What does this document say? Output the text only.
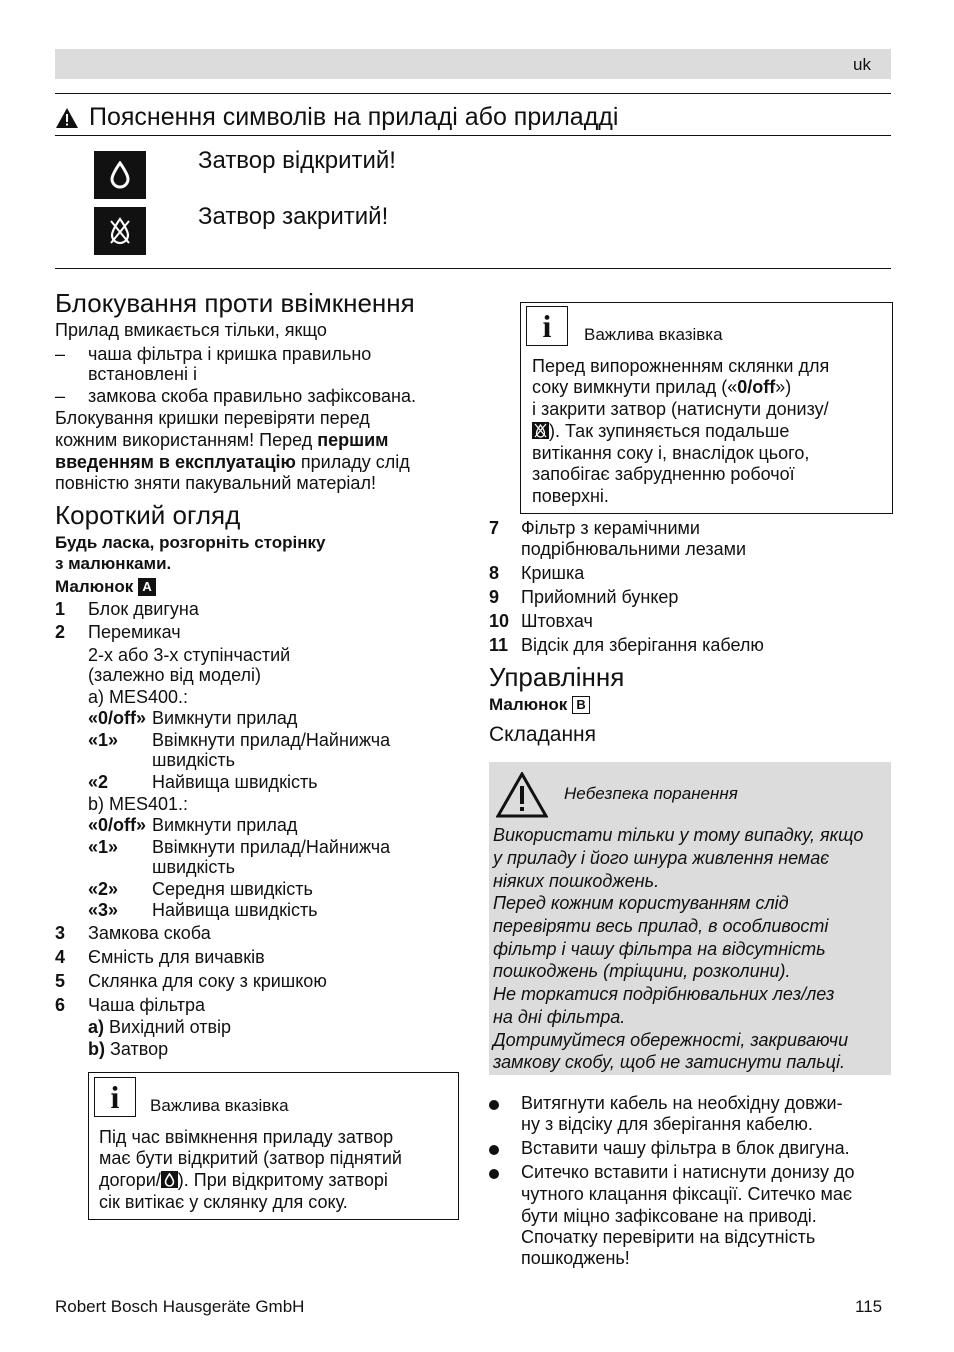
uk
Пояснення символів на приладі або приладді
Затвор відкритий!
Затвор закритий!
Блокування проти ввімкнення
Прилад вмикається тільки, якщо
– чаша фільтра і кришка правильно
встановлені і
– замкова скоба правильно зафіксована.
Блокування кришки перевіряти перед
кожним використанням! Перед першим
введенням в експлуатацію приладу слід
повністю зняти пакувальний матеріал!
Короткий огляд
Будь ласка, розгорніть сторінку
з малюнками.
Малюнок A
1	Блок двигуна
2	Перемикач
2-х або 3-х ступінчастий
(залежно від моделі)
a) MES400.:
«0/off» Вимкнути прилад
«1» Ввімкнути прилад/Найнижча
швидкість
«2 Найвища швидкість
b) MES401.:
«0/off» Вимкнути прилад
«1» Ввімкнути прилад/Найнижча
швидкість
«2» Середня швидкість
«3» Найвища швидкість
3	Замкова скоба
4	Ємність для вичавків
5	Склянка для соку з кришкою
6	Чаша фільтра
a) Вихідний отвір
b) Затвор
i	Важлива вказівка
Під час ввімкнення приладу затвор
має бути відкритий (затвор піднятий
догори/ ). При відкритому затворі
сік витікає у склянку для соку.
i	Важлива вказівка
Перед випорожненням склянки для
соку вимкнути прилад («0/off»)
і закрити затвор (натиснути донизу/
). Так зупиняється подальше
витікання соку і, внаслідок цього,
запобігає забрудненню робочої
поверхні.
7	Фільтр з керамічними
подрібнювальними лезами
8	Кришка
9	Прийомний бункер
10 Штовхач
11 Відсік для зберігання кабелю
Управління
Малюнок B
Складання
Небезпека поранення
Використати тільки у тому випадку, якщо
у приладу і його шнура живлення немає
ніяких пошкоджень.
Перед кожним користуванням слід
перевіряти весь прилад, в особливості
фільтр і чашу фільтра на відсутність
пошкоджень (тріщини, розколини).
Не торкатися подрібнювальних лез/лез
на дні фільтра.
Дотримуйтеся обережності, закриваючи
замкову скобу, щоб не затиснути пальці.
Витягнути кабель на необхідну довжи-
ну з відсіку для зберігання кабелю.
Вставити чашу фільтра в блок двигуна.
Ситечко вставити і натиснути донизу до
чутного клацання фіксації. Ситечко має
бути міцно зафіксоване на приводі.
Спочатку перевірити на відсутність
пошкоджень!
Robert Bosch Hausgeräte GmbH	115
